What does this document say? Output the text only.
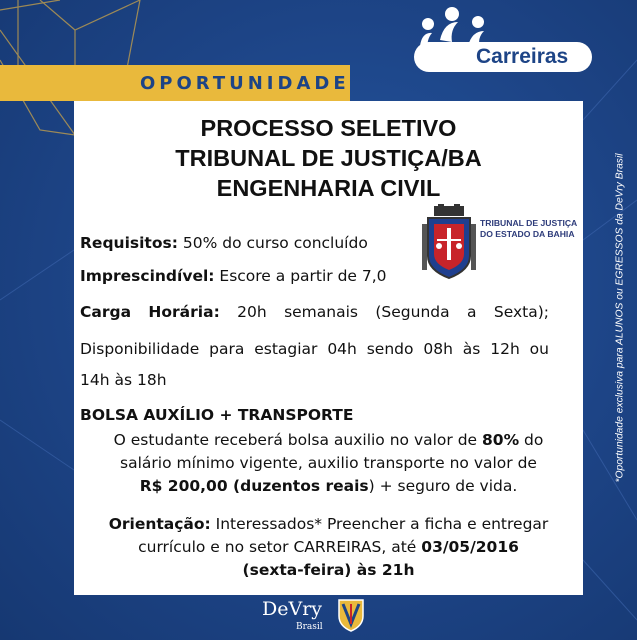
OPORTUNIDADE
Carreiras
PROCESSO SELETIVO
TRIBUNAL DE JUSTIÇA/BA
ENGENHARIA CIVIL
TRIBUNAL DE JUSTIÇA
DO ESTADO DA BAHIA
Requisitos: 50% do curso concluído
Imprescindível: Escore a partir de 7,0
Carga Horária: 20h semanais (Segunda a Sexta);
Disponibilidade para estagiar 04h sendo 08h às 12h ou
14h às 18h
BOLSA AUXÍLIO + TRANSPORTE
O estudante receberá bolsa auxilio no valor de 80% do
salário mínimo vigente, auxilio transporte no valor de
R$ 200,00 (duzentos reais) + seguro de vida.
Orientação: Interessados* Preencher a ficha e entregar
currículo e no setor CARREIRAS, até 03/05/2016
(sexta-feira) às 21h
*Oportunidade exclusiva para ALUNOS ou EGRESSOS da DeVry Brasil
DeVry
Brasil
